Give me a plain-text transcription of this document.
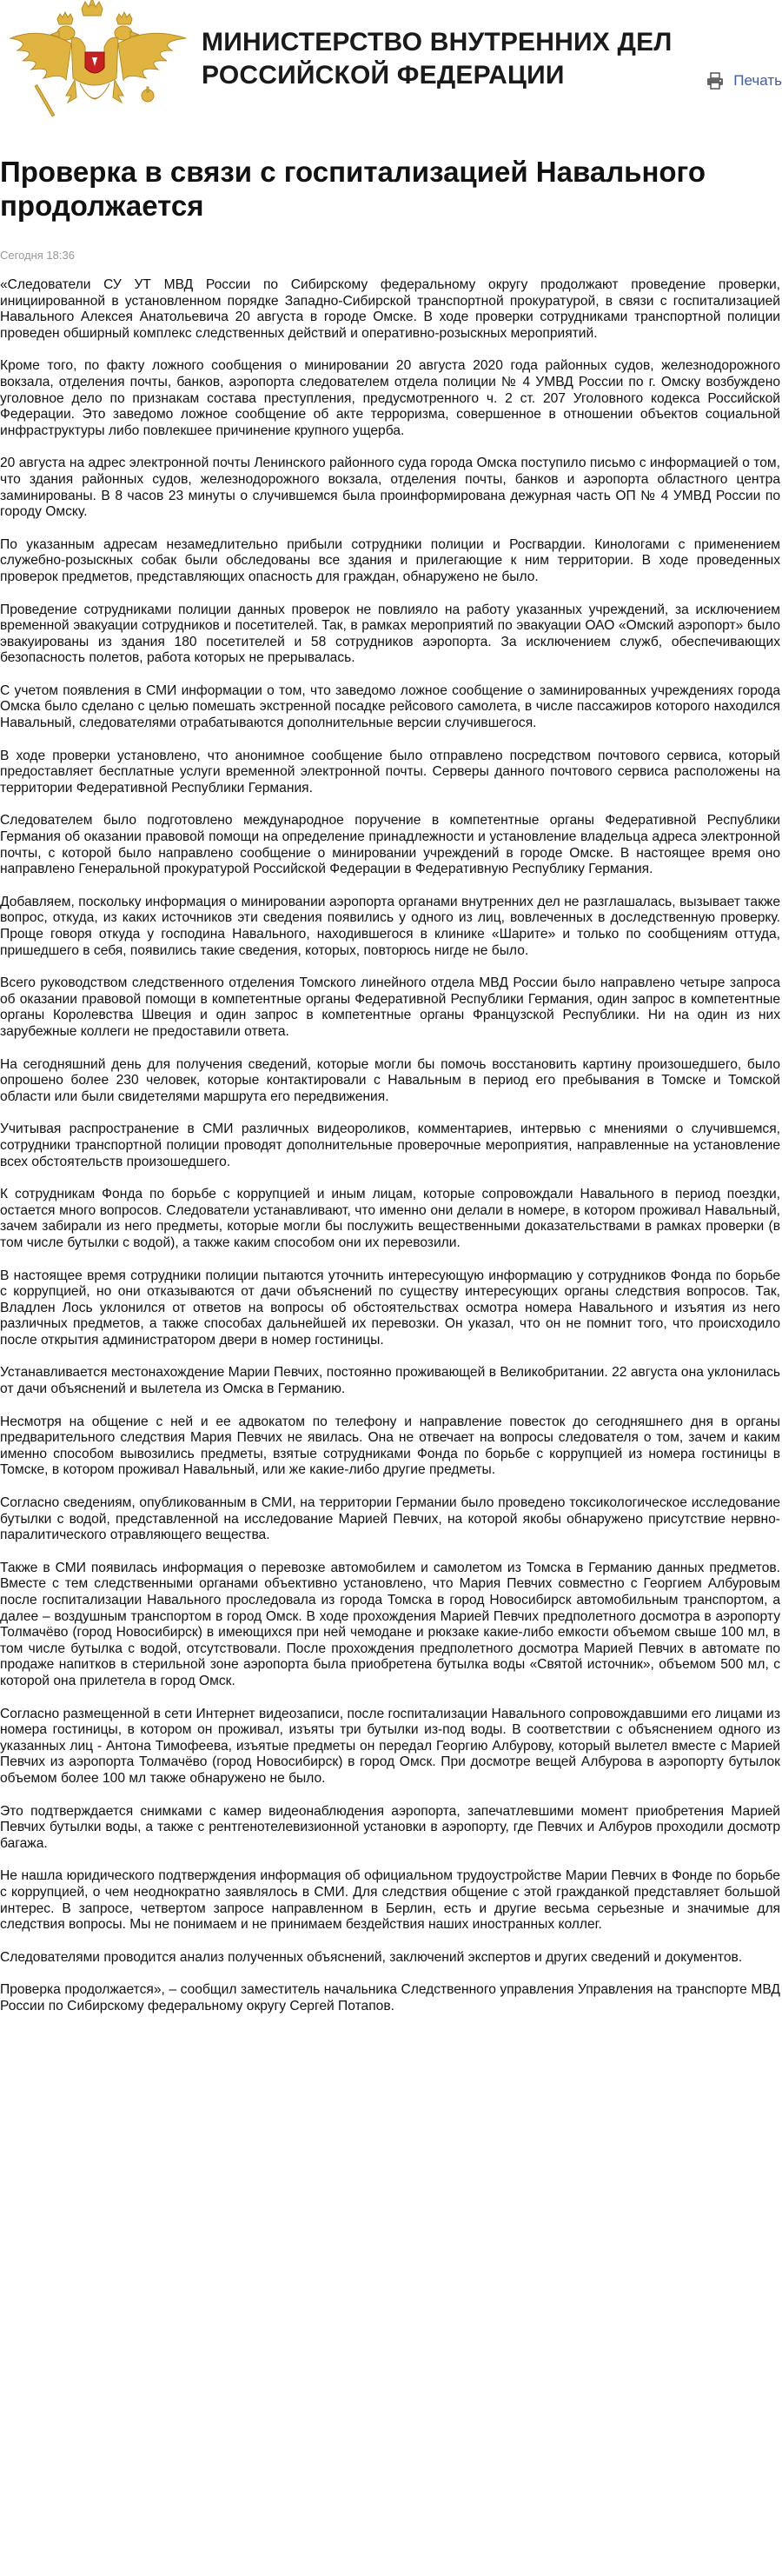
МИНИСТЕРСТВО ВНУТРЕННИХ ДЕЛ
РОССИЙСКОЙ ФЕДЕРАЦИИ	Печать
Проверка в связи с госпитализацией Навального продолжается
Сегодня 18:36

«Следователи СУ УТ МВД России по Сибирскому федеральному округу продолжают проведение проверки, инициированной в установленном порядке Западно-Сибирской транспортной прокуратурой, в связи с госпитализацией Навального Алексея Анатольевича 20 августа в городе Омске. В ходе проверки сотрудниками транспортной полиции проведен обширный комплекс следственных действий и оперативно-розыскных мероприятий.

Кроме того, по факту ложного сообщения о минировании 20 августа 2020 года районных судов, железнодорожного вокзала, отделения почты, банков, аэропорта следователем отдела полиции № 4 УМВД России по г. Омску возбуждено уголовное дело по признакам состава преступления, предусмотренного ч. 2 ст. 207 Уголовного кодекса Российской Федерации. Это заведомо ложное сообщение об акте терроризма, совершенное в отношении объектов социальной инфраструктуры либо повлекшее причинение крупного ущерба.

20 августа на адрес электронной почты Ленинского районного суда города Омска поступило письмо с информацией о том, что здания районных судов, железнодорожного вокзала, отделения почты, банков и аэропорта областного центра заминированы. В 8 часов 23 минуты о случившемся была проинформирована дежурная часть ОП № 4 УМВД России по городу Омску.

По указанным адресам незамедлительно прибыли сотрудники полиции и Росгвардии. Кинологами с применением служебно-розыскных собак были обследованы все здания и прилегающие к ним территории. В ходе проведенных проверок предметов, представляющих опасность для граждан, обнаружено не было.

Проведение сотрудниками полиции данных проверок не повлияло на работу указанных учреждений, за исключением временной эвакуации сотрудников и посетителей. Так, в рамках мероприятий по эвакуации ОАО «Омский аэропорт» было эвакуированы из здания 180 посетителей и 58 сотрудников аэропорта. За исключением служб, обеспечивающих безопасность полетов, работа которых не прерывалась.

С учетом появления в СМИ информации о том, что заведомо ложное сообщение о заминированных учреждениях города Омска было сделано с целью помешать экстренной посадке рейсового самолета, в числе пассажиров которого находился Навальный, следователями отрабатываются дополнительные версии случившегося.

В ходе проверки установлено, что анонимное сообщение было отправлено посредством почтового сервиса, который предоставляет бесплатные услуги временной электронной почты. Серверы данного почтового сервиса расположены на территории Федеративной Республики Германия.

Следователем было подготовлено международное поручение в компетентные органы Федеративной Республики Германия об оказании правовой помощи на определение принадлежности и установление владельца адреса электронной почты, с которой было направлено сообщение о минировании учреждений в городе Омске. В настоящее время оно направлено Генеральной прокуратурой Российской Федерации в Федеративную Республику Германия.

Добавляем, поскольку информация о минировании аэропорта органами внутренних дел не разглашалась, вызывает также вопрос, откуда, из каких источников эти сведения появились у одного из лиц, вовлеченных в доследственную проверку. Проще говоря откуда у господина Навального, находившегося в клинике «Шарите» и только по сообщениям оттуда, пришедшего в себя, появились такие сведения, которых, повторюсь нигде не было.

Всего руководством следственного отделения Томского линейного отдела МВД России было направлено четыре запроса об оказании правовой помощи в компетентные органы Федеративной Республики Германия, один запрос в компетентные органы Королевства Швеция и один запрос в компетентные органы Французской Республики. Ни на один из них зарубежные коллеги не предоставили ответа.

На сегодняшний день для получения сведений, которые могли бы помочь восстановить картину произошедшего, было опрошено более 230 человек, которые контактировали с Навальным в период его пребывания в Томске и Томской области или были свидетелями маршрута его передвижения.

Учитывая распространение в СМИ различных видеороликов, комментариев, интервью с мнениями о случившемся, сотрудники транспортной полиции проводят дополнительные проверочные мероприятия, направленные на установление всех обстоятельств произошедшего.

К сотрудникам Фонда по борьбе с коррупцией и иным лицам, которые сопровождали Навального в период поездки, остается много вопросов. Следователи устанавливают, что именно они делали в номере, в котором проживал Навальный, зачем забирали из него предметы, которые могли бы послужить вещественными доказательствами в рамках проверки (в том числе бутылки с водой), а также каким способом они их перевозили.

В настоящее время сотрудники полиции пытаются уточнить интересующую информацию у сотрудников Фонда по борьбе с коррупцией, но они отказываются от дачи объяснений по существу интересующих органы следствия вопросов. Так, Владлен Лось уклонился от ответов на вопросы об обстоятельствах осмотра номера Навального и изъятия из него различных предметов, а также способах дальнейшей их перевозки. Он указал, что он не помнит того, что происходило после открытия администратором двери в номер гостиницы.

Устанавливается местонахождение Марии Певчих, постоянно проживающей в Великобритании. 22 августа она уклонилась от дачи объяснений и вылетела из Омска в Германию.

Несмотря на общение с ней и ее адвокатом по телефону и направление повесток до сегодняшнего дня в органы предварительного следствия Мария Певчих не явилась. Она не отвечает на вопросы следователя о том, зачем и каким именно способом вывозились предметы, взятые сотрудниками Фонда по борьбе с коррупцией из номера гостиницы в Томске, в котором проживал Навальный, или же какие-либо другие предметы.

Согласно сведениям, опубликованным в СМИ, на территории Германии было проведено токсикологическое исследование бутылки с водой, представленной на исследование Марией Певчих, на которой якобы обнаружено присутствие нервно-паралитического отравляющего вещества.

Также в СМИ появилась информация о перевозке автомобилем и самолетом из Томска в Германию данных предметов. Вместе с тем следственными органами объективно установлено, что Мария Певчих совместно с Георгием Албуровым после госпитализации Навального проследовала из города Томска в город Новосибирск автомобильным транспортом, а далее – воздушным транспортом в город Омск. В ходе прохождения Марией Певчих предполетного досмотра в аэропорту Толмачёво (город Новосибирск) в имеющихся при ней чемодане и рюкзаке какие-либо емкости объемом свыше 100 мл, в том числе бутылка с водой, отсутствовали. После прохождения предполетного досмотра Марией Певчих в автомате по продаже напитков в стерильной зоне аэропорта была приобретена бутылка воды «Святой источник», объемом 500 мл, с которой она прилетела в город Омск.

Согласно размещенной в сети Интернет видеозаписи, после госпитализации Навального сопровождавшими его лицами из номера гостиницы, в котором он проживал, изъяты три бутылки из-под воды. В соответствии с объяснением одного из указанных лиц - Антона Тимофеева, изъятые предметы он передал Георгию Албурову, который вылетел вместе с Марией Певчих из аэропорта Толмачёво (город Новосибирск) в город Омск. При досмотре вещей Албурова в аэропорту бутылок объемом более 100 мл также обнаружено не было.

Это подтверждается снимками с камер видеонаблюдения аэропорта, запечатлевшими момент приобретения Марией Певчих бутылки воды, а также с рентгенотелевизионной установки в аэропорту, где Певчих и Албуров проходили досмотр багажа.

Не нашла юридического подтверждения информация об официальном трудоустройстве Марии Певчих в Фонде по борьбе с коррупцией, о чем неоднократно заявлялось в СМИ. Для следствия общение с этой гражданкой представляет большой интерес. В запросе, четвертом запросе направленном в Берлин, есть и другие весьма серьезные и значимые для следствия вопросы. Мы не понимаем и не принимаем бездействия наших иностранных коллег.

Следователями проводится анализ полученных объяснений, заключений экспертов и других сведений и документов.

Проверка продолжается», – сообщил заместитель начальника Следственного управления Управления на транспорте МВД России по Сибирскому федеральному округу Сергей Потапов.
